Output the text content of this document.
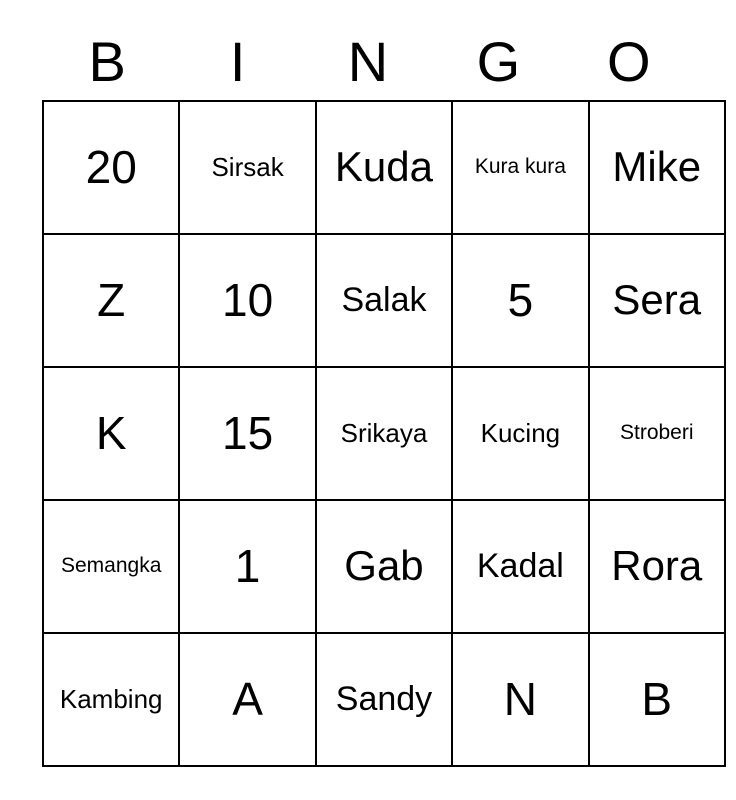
B	I	N	G	O
20	Sirsak	Kuda	Kura kura	Mike

Z	10	Salak	5	Sera

K	15	Srikaya	Kucing	Stroberi

Semangka	1	Gab	Kadal	Rora

Kambing	A	Sandy	N	B
